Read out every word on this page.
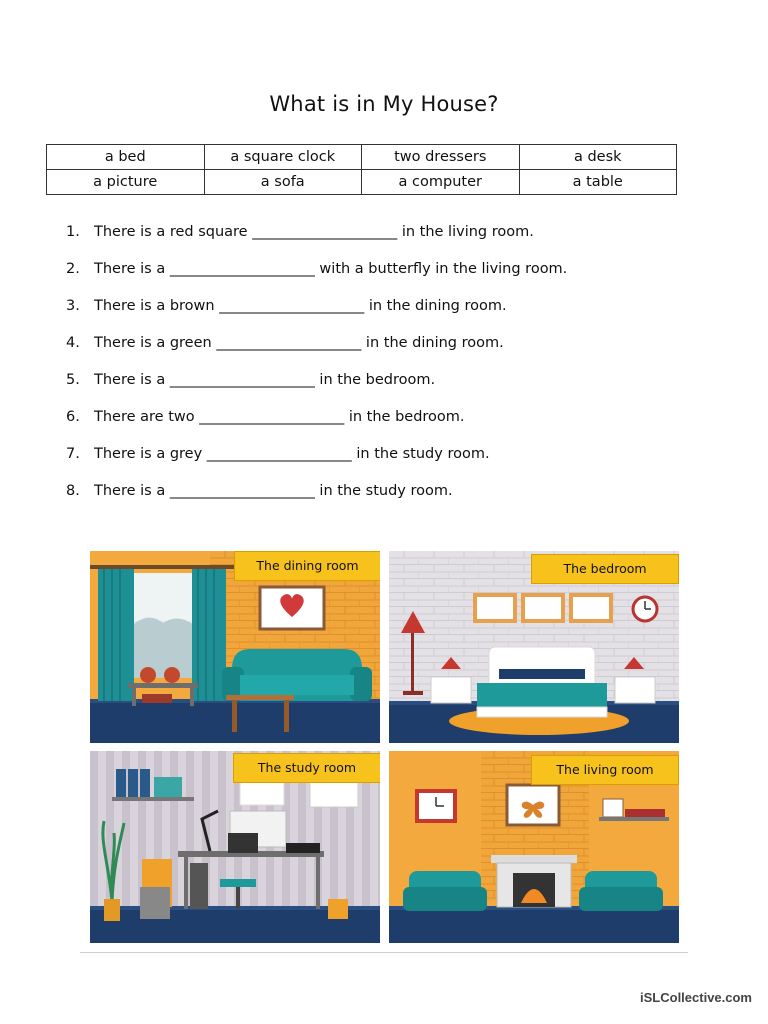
What is in My House?
a bed	a square clock	two dressers	a desk
a picture	a sofa	a computer	a table
1. There is a red square ____________________ in the living room.
2. There is a ____________________ with a butterfly in the living room.
3. There is a brown ____________________ in the dining room.
4. There is a green ____________________ in the dining room.
5. There is a ____________________ in the bedroom.
6. There are two ____________________ in the bedroom.
7. There is a grey ____________________ in the study room.
8. There is a ____________________ in the study room.
The dining room	The bedroom
The study room	The living room
iSLCollective.com
